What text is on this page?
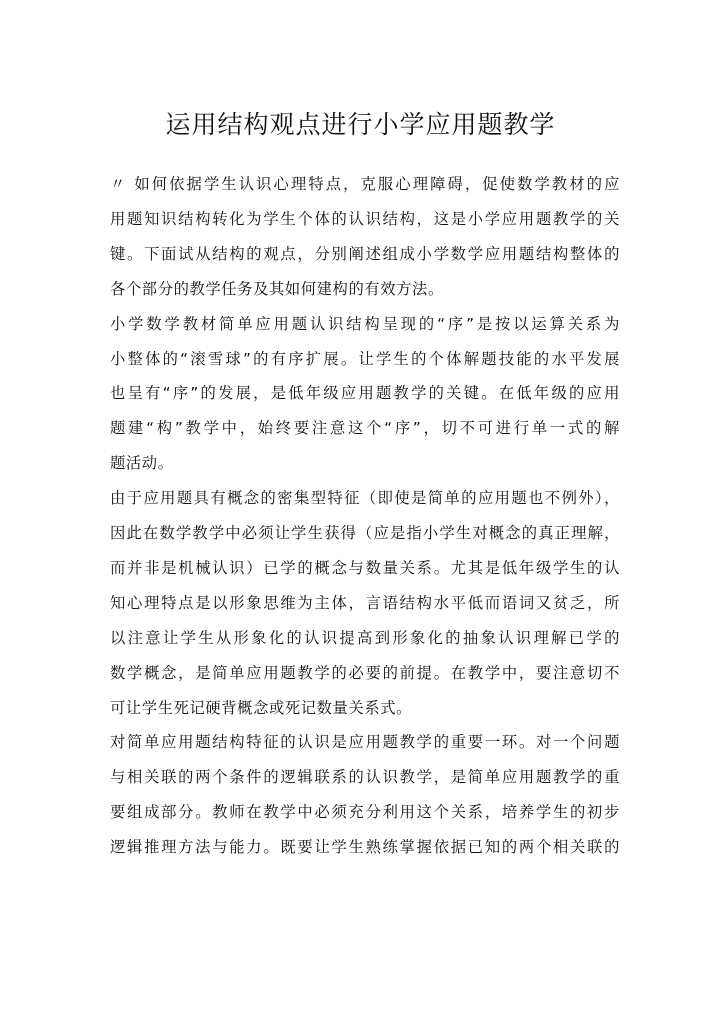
运用结构观点进行小学应用题教学
〃 如何依据学生认识心理特点，克服心理障碍，促使数学教材的应
用题知识结构转化为学生个体的认识结构，这是小学应用题教学的关
键。下面试从结构的观点，分别阐述组成小学数学应用题结构整体的
各个部分的教学任务及其如何建构的有效方法。
小学数学教材简单应用题认识结构呈现的“序”是按以运算关系为
小整体的“滚雪球”的有序扩展。让学生的个体解题技能的水平发展
也呈有“序”的发展，是低年级应用题教学的关键。在低年级的应用
题建“构”教学中，始终要注意这个“序”，切不可进行单一式的解
题活动。
由于应用题具有概念的密集型特征（即使是简单的应用题也不例外），
因此在数学教学中必须让学生获得（应是指小学生对概念的真正理解，
而并非是机械认识）已学的概念与数量关系。尤其是低年级学生的认
知心理特点是以形象思维为主体，言语结构水平低而语词又贫乏，所
以注意让学生从形象化的认识提高到形象化的抽象认识理解已学的
数学概念，是简单应用题教学的必要的前提。在教学中，要注意切不
可让学生死记硬背概念或死记数量关系式。
对简单应用题结构特征的认识是应用题教学的重要一环。对一个问题
与相关联的两个条件的逻辑联系的认识教学，是简单应用题教学的重
要组成部分。教师在教学中必须充分利用这个关系，培养学生的初步
逻辑推理方法与能力。既要让学生熟练掌握依据已知的两个相关联的
